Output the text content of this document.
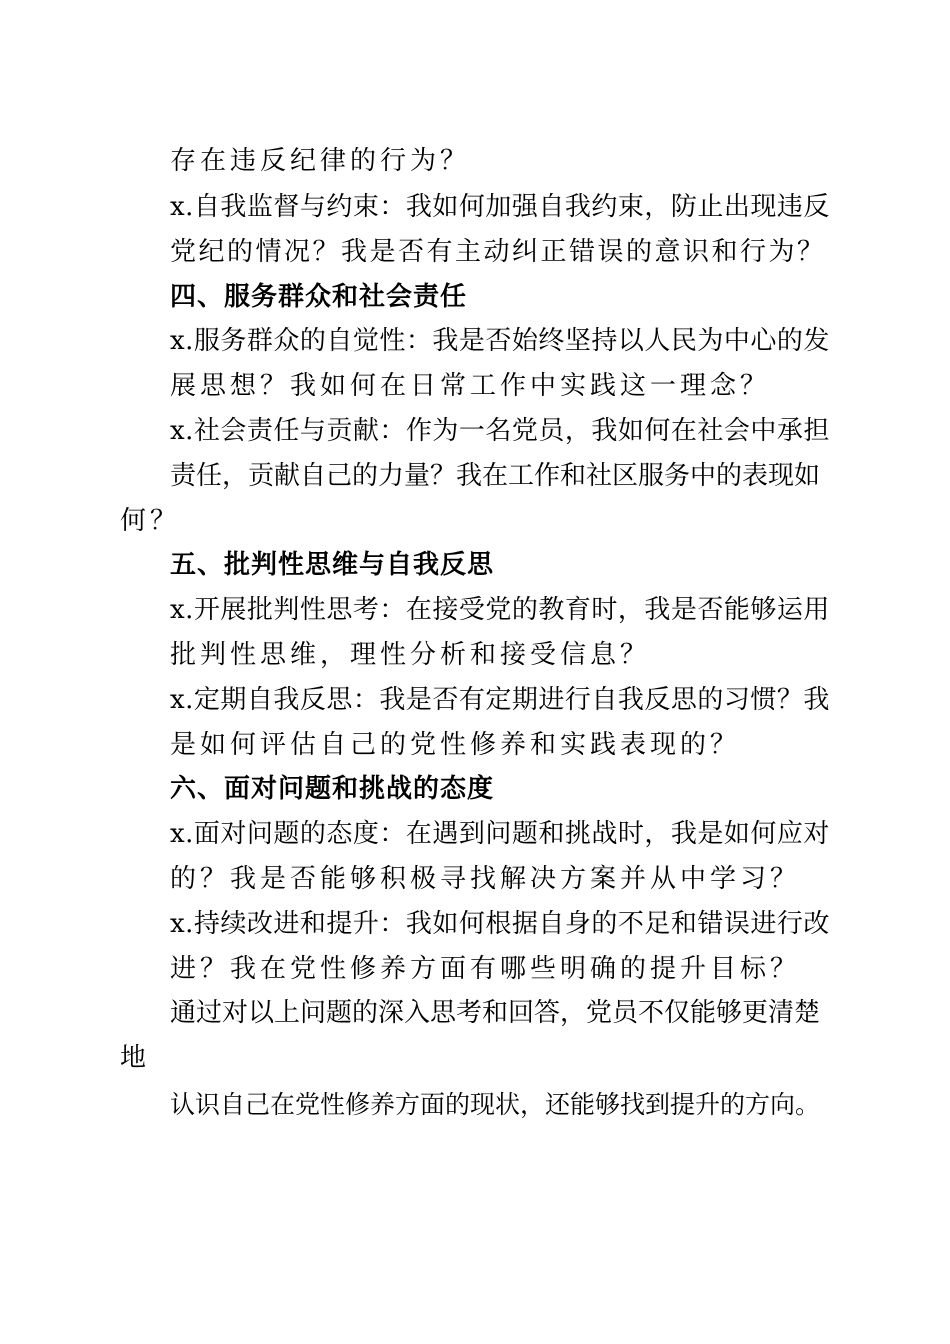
存在违反纪律的行为？
x.自我监督与约束：我如何加强自我约束，防止出现违反
党纪的情况？我是否有主动纠正错误的意识和行为？
四、服务群众和社会责任
x.服务群众的自觉性：我是否始终坚持以人民为中心的发
展思想？我如何在日常工作中实践这一理念？
x.社会责任与贡献：作为一名党员，我如何在社会中承担
责任，贡献自己的力量？我在工作和社区服务中的表现如
何？
五、批判性思维与自我反思
x.开展批判性思考：在接受党的教育时，我是否能够运用
批判性思维，理性分析和接受信息？
x.定期自我反思：我是否有定期进行自我反思的习惯？我
是如何评估自己的党性修养和实践表现的？
六、面对问题和挑战的态度
x.面对问题的态度：在遇到问题和挑战时，我是如何应对
的？我是否能够积极寻找解决方案并从中学习？
x.持续改进和提升：我如何根据自身的不足和错误进行改
进？我在党性修养方面有哪些明确的提升目标？
通过对以上问题的深入思考和回答，党员不仅能够更清楚
地
认识自己在党性修养方面的现状，还能够找到提升的方向。
